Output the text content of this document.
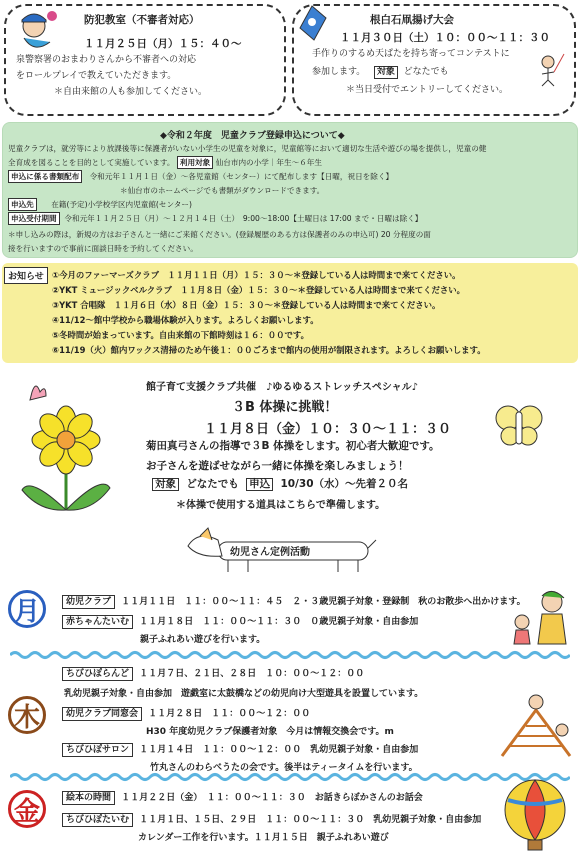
防犯教室（不審者対応）
１１月２５日（月）１５：４０～
泉警察署のおまわりさんから不審者への対応
をロールプレイで教えていただきます。
＊自由来館の人も参加してください。
根白石凧揚げ大会
１１月３０日（土）１０：００～１１：３０
手作りのするめ天ぱたを持ち寄ってコンテストに
参加します。 対象 どなたでも
＊当日受付でエントリーしてください。
◆令和２年度　児童クラブ登録申込について◆
児童クラブは，就労等により放課後等に保護者がいない小学生の児童を対象に，児童館等において適切な生活や遊びの場を提供し，児童の健
全育成を図ることを目的として実施しています。 利用対象 仙台市内の小学｜年生～６年生
申込に係る書類配布 令和元年１１月１日（金）～各児童館（センター）にて配布します【日曜，祝日を除く】
＊仙台市のホームページでも書類がダウンロードできます。
申込先 在籍(予定)小学校学区内児童館(センター)
申込受付期間 令和元年１１月２５日（月）～１２月１４日（土）　9:00～18:00【土曜日は 17:00 まで・日曜は除く】
＊申し込みの際は，新規の方はお子さんと一緒にご来館ください。(登録履歴のある方は保護者のみの申込可) 20 分程度の面
接を行いますので事前に面談日時を予約してください。
お知らせ ①今月のファーマーズクラブ　１１月１１日（月）１５：３０～＊登録している人は時間まで来てください。
②YKT ミュージックベルクラブ　１１月８日（金）１５：３０～＊登録している人は時間まで来てください。
③YKT 合唱隊　１１月６日（水）８日（金）１５：３０～＊登録している人は時間まで来てください。
④11/12～館中学校から職場体験が入ります。よろしくお願いします。
⑤冬時間が始まっています。自由来館の下館時刻は１６：００です。
⑥11/19（火）館内ワックス清掃のため午後１：００ごろまで館内の使用が制限されます。よろしくお願いします。
館子育て支援クラブ共催　♪ゆるゆるストレッチスペシャル♪
３B 体操に挑戦！
１１月８日（金）１０：３０～１１：３０
菊田真弓さんの指導で３B 体操をします。初心者大歓迎です。
お子さんを遊ばせながら一緒に体操を楽しみましょう！
対象 どなたでも 申込 10/30（水）～先着２０名
＊体操で使用する道具はこちらで準備します。
幼児さん定例活動
月	幼児クラブ １１月１１日　１１：００～１１：４５　２・３歳児親子対象・登録制　秋のお散歩へ出かけます。
赤ちゃんたいむ １１月１８日　１１：００～１１：３０　０歳児親子対象・自由参加
親子ふれあい遊びを行います。
木
ちびひぽらんど １１月７日、２１日、２８日　１０：００～１２：００
乳幼児親子対象・自由参加　遊戯室に太鼓橋などの幼児向け大型遊具を設置しています。
幼児クラブ同窓会 １１月２８日　１１：００～１２：００
H30 年度幼児クラブ保護者対象　今月は情報交換会です。m
ちびひぽサロン １１月１４日　１１：００～１２：００　乳幼児親子対象・自由参加
竹丸さんのわらべうたの会です。後半はティータイムを行います。
金	絵本の時間 １１月２２日（金）　１１：００～１１：３０　お話きらぼかさんのお話会
ちびひぽたいむ １１月１日、１５日、２９日　１１：００～１１：３０　乳幼児親子対象・自由参加
カレンダー工作を行います。１１月１５日　親子ふれあい遊び
